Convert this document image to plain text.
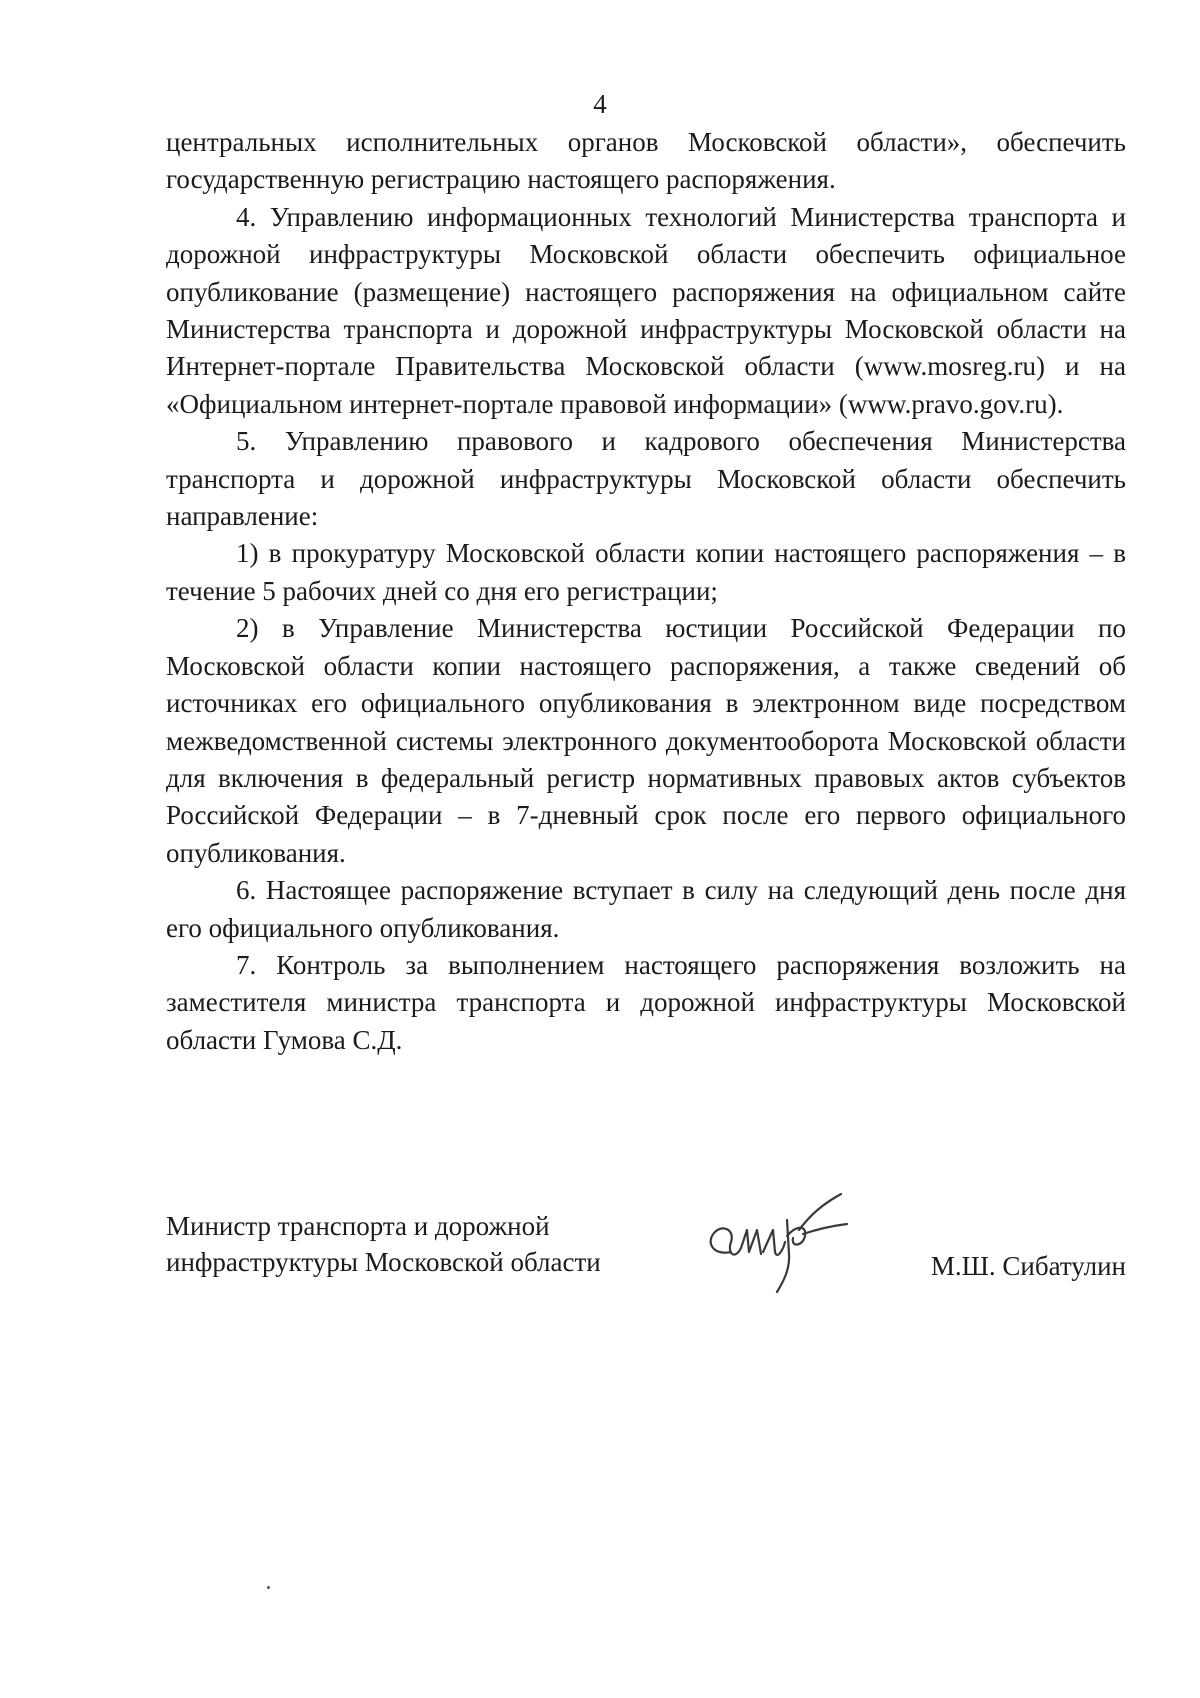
4

центральных исполнительных органов Московской области», обеспечить государственную регистрацию настоящего распоряжения.

4. Управлению информационных технологий Министерства транспорта и дорожной инфраструктуры Московской области обеспечить официальное опубликование (размещение) настоящего распоряжения на официальном сайте Министерства транспорта и дорожной инфраструктуры Московской области на Интернет-портале Правительства Московской области (www.mosreg.ru) и на «Официальном интернет-портале правовой информации» (www.pravo.gov.ru).

5. Управлению правового и кадрового обеспечения Министерства транспорта и дорожной инфраструктуры Московской области обеспечить направление:

1) в прокуратуру Московской области копии настоящего распоряжения – в течение 5 рабочих дней со дня его регистрации;

2) в Управление Министерства юстиции Российской Федерации по Московской области копии настоящего распоряжения, а также сведений об источниках его официального опубликования в электронном виде посредством межведомственной системы электронного документооборота Московской области для включения в федеральный регистр нормативных правовых актов субъектов Российской Федерации – в 7-дневный срок после его первого официального опубликования.

6. Настоящее распоряжение вступает в силу на следующий день после дня его официального опубликования.

7. Контроль за выполнением настоящего распоряжения возложить на заместителя министра транспорта и дорожной инфраструктуры Московской области Гумова С.Д.

Министр транспорта и дорожной
инфраструктуры Московской области	М.Ш. Сибатулин
